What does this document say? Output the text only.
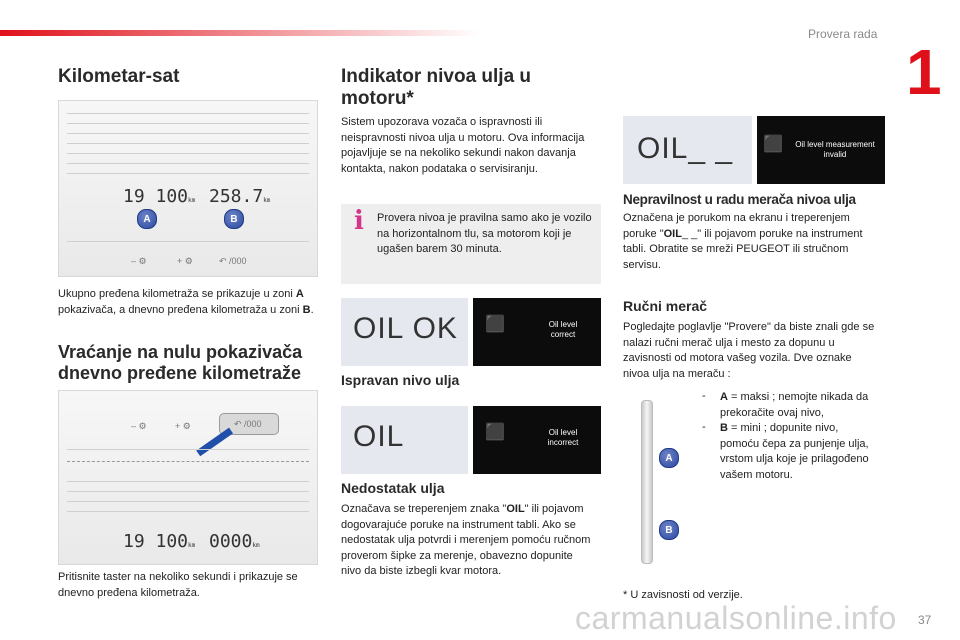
Provera rada
1
37
carmanualsonline.info
Kilometar-sat
19 100km 258.7km
A	B
– ⚙	+ ⚙	↶ /000

Ukupno pređena kilometraža se prikazuje u zoni A pokazivača, a dnevno pređena kilometraža u zoni B.

Vraćanje na nulu pokazivača
dnevno pređene kilometraže
– ⚙	+ ⚙	↶ /000
19 100km 0000km

Pritisnite taster na nekoliko sekundi i prikazuje se dnevno pređena kilometraža.

Indikator nivoa ulja u
motoru*

Sistem upozorava vozača o ispravnosti ili neispravnosti nivoa ulja u motoru. Ova informacija pojavljuje se na nekoliko sekundi nakon davanja kontakta, nakon podataka o servisiranju.

i Provera nivoa je pravilna samo ako je vozilo na horizontalnom tlu, sa motorom koji je ugašen barem 30 minuta.

OIL OK ⬛	Oil level correct
Ispravan nivo ulja
OIL	⬛	Oil level incorrect
Nedostatak ulja

Označava se treperenjem znaka "OIL" ili pojavom dogovarajuće poruke na instrument tabli. Ako se nedostatak ulja potvrdi i merenjem pomoću ručnom proverom šipke za merenje, obavezno dopunite nivo da biste izbegli kvar motora.

OIL_ _ ⬛	Oil level measurement invalid
Nepravilnost u radu merača nivoa ulja

Označena je porukom na ekranu i treperenjem poruke "OIL_ _" ili pojavom poruke na instrument tabli. Obratite se mreži PEUGEOT ili stručnom servisu.

Ručni merač

Pogledajte poglavlje "Provere" da biste znali gde se nalazi ručni merač ulja i mesto za dopunu u zavisnosti od motora vašeg vozila. Dve oznake nivoa ulja na meraču :

A
B
- A = maksi ; nemojte nikada da prekoračite ovaj nivo,

- B = mini ; dopunite nivo, pomoću čepa za punjenje ulja, vrstom ulja koje je prilagođeno vašem motoru.

* U zavisnosti od verzije.
